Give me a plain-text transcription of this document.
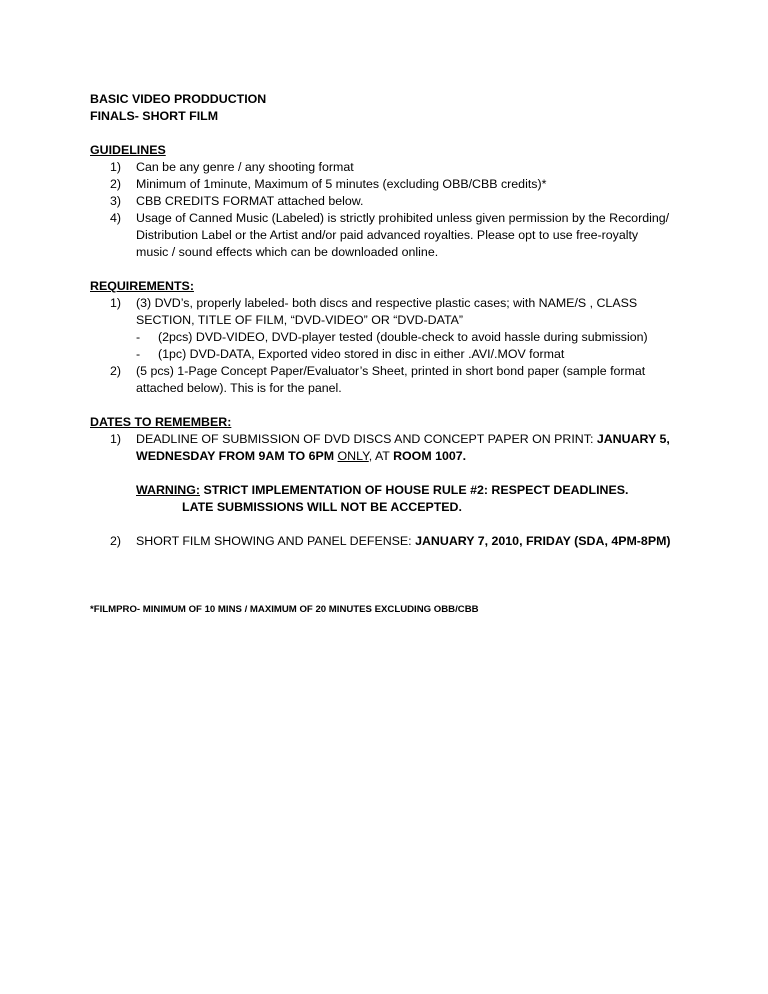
BASIC VIDEO PRODDUCTION
FINALS- SHORT FILM
GUIDELINES
1) Can be any genre / any shooting format
2) Minimum of 1minute, Maximum of 5 minutes (excluding OBB/CBB credits)*
3) CBB CREDITS FORMAT attached below.
4) Usage of Canned Music (Labeled) is strictly prohibited unless given permission by the Recording/
Distribution Label or the Artist and/or paid advanced royalties. Please opt to use free-royalty
music / sound effects which can be downloaded online.
REQUIREMENTS:
1) (3) DVD’s, properly labeled- both discs and respective plastic cases; with NAME/S , CLASS
SECTION, TITLE OF FILM, “DVD-VIDEO” OR “DVD-DATA”
- (2pcs) DVD-VIDEO, DVD-player tested (double-check to avoid hassle during submission)
- (1pc) DVD-DATA, Exported video stored in disc in either .AVI/.MOV format
2) (5 pcs) 1-Page Concept Paper/Evaluator’s Sheet, printed in short bond paper (sample format
attached below). This is for the panel.
DATES TO REMEMBER:
1) DEADLINE OF SUBMISSION OF DVD DISCS AND CONCEPT PAPER ON PRINT: JANUARY 5,
WEDNESDAY FROM 9AM TO 6PM ONLY, AT ROOM 1007.
WARNING: STRICT IMPLEMENTATION OF HOUSE RULE #2: RESPECT DEADLINES.
LATE SUBMISSIONS WILL NOT BE ACCEPTED.
2) SHORT FILM SHOWING AND PANEL DEFENSE: JANUARY 7, 2010, FRIDAY (SDA, 4PM-8PM)
*FILMPRO- MINIMUM OF 10 MINS / MAXIMUM OF 20 MINUTES EXCLUDING OBB/CBB
